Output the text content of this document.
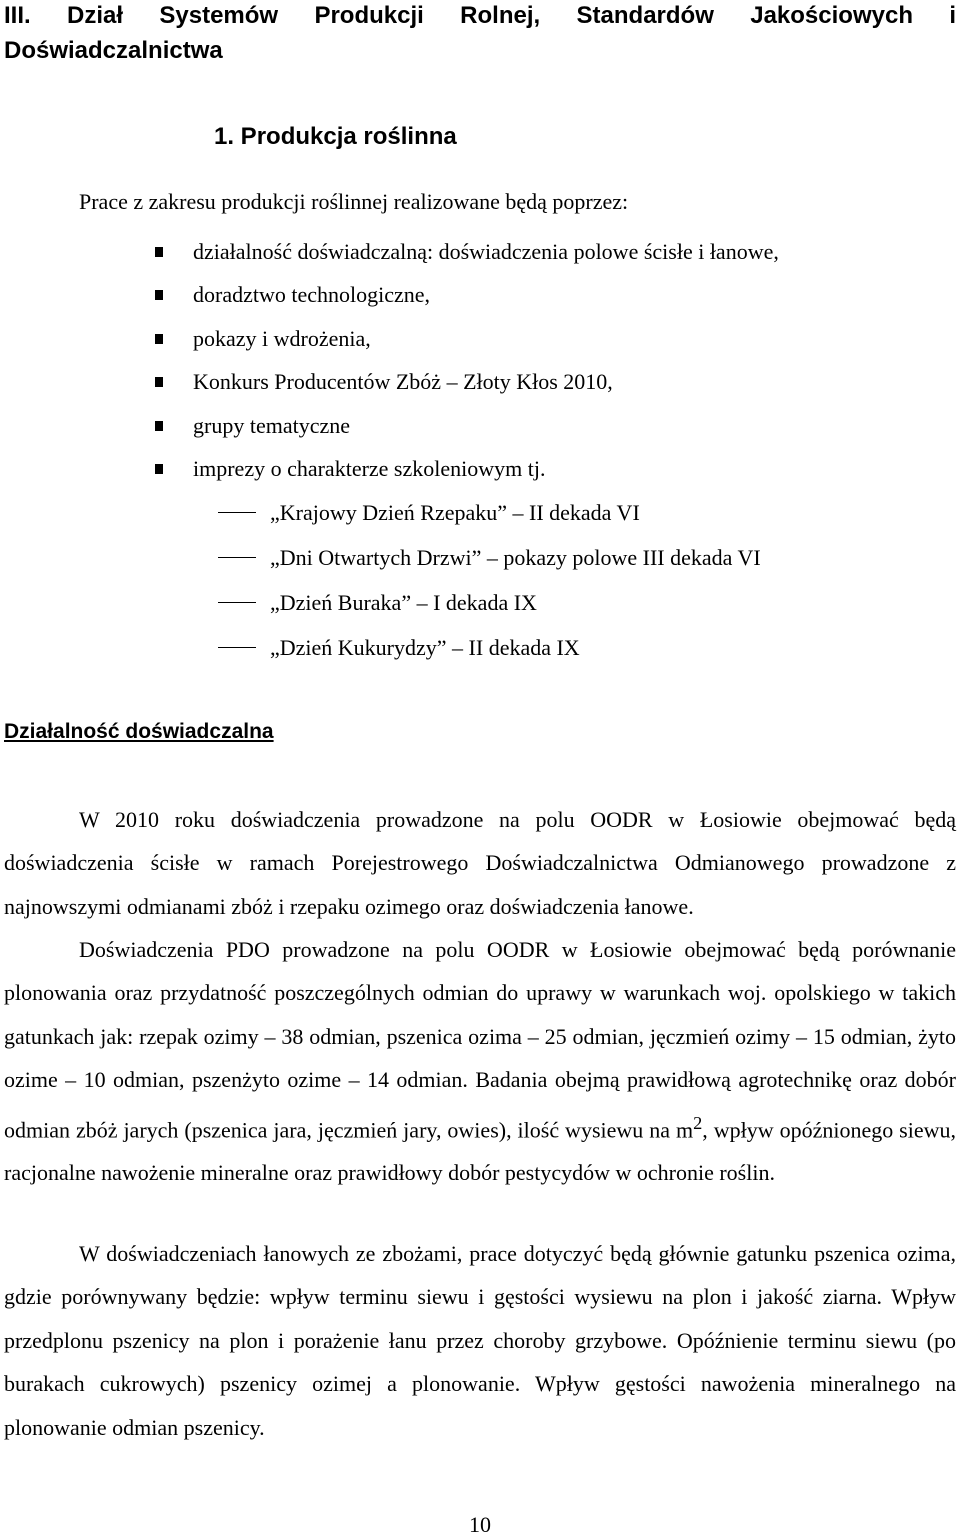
III. Dział Systemów Produkcji Rolnej, Standardów Jakościowych i Doświadczalnictwa
1. Produkcja roślinna

Prace z zakresu produkcji roślinnej realizowane będą poprzez:

działalność doświadczalną: doświadczenia polowe ścisłe i łanowe,
doradztwo technologiczne,
pokazy i wdrożenia,
Konkurs Producentów Zbóż – Złoty Kłos 2010,
grupy tematyczne
imprezy o charakterze szkoleniowym tj.
„Krajowy Dzień Rzepaku” – II dekada VI
„Dni Otwartych Drzwi” – pokazy polowe III dekada VI
„Dzień Buraka” – I dekada IX
„Dzień Kukurydzy” – II dekada IX
Działalność doświadczalna

W 2010 roku doświadczenia prowadzone na polu OODR w Łosiowie obejmować będą doświadczenia ścisłe w ramach Porejestrowego Doświadczalnictwa Odmianowego prowadzone z najnowszymi odmianami zbóż i rzepaku ozimego oraz doświadczenia łanowe.

Doświadczenia PDO prowadzone na polu OODR w Łosiowie obejmować będą porównanie plonowania oraz przydatność poszczególnych odmian do uprawy w warunkach woj. opolskiego w takich gatunkach jak: rzepak ozimy – 38 odmian, pszenica ozima – 25 odmian, jęczmień ozimy – 15 odmian, żyto ozime – 10 odmian, pszenżyto ozime – 14 odmian. Badania obejmą prawidłową agrotechnikę oraz dobór odmian zbóż jarych (pszenica jara, jęczmień jary, owies), ilość wysiewu na $m^2$, wpływ opóźnionego siewu, racjonalne nawożenie mineralne oraz prawidłowy dobór pestycydów w ochronie roślin.

W doświadczeniach łanowych ze zbożami, prace dotyczyć będą głównie gatunku pszenica ozima, gdzie porównywany będzie: wpływ terminu siewu i gęstości wysiewu na plon i jakość ziarna. Wpływ przedplonu pszenicy na plon i porażenie łanu przez choroby grzybowe. Opóźnienie terminu siewu (po burakach cukrowych) pszenicy ozimej a plonowanie. Wpływ gęstości nawożenia mineralnego na plonowanie odmian pszenicy.

10
